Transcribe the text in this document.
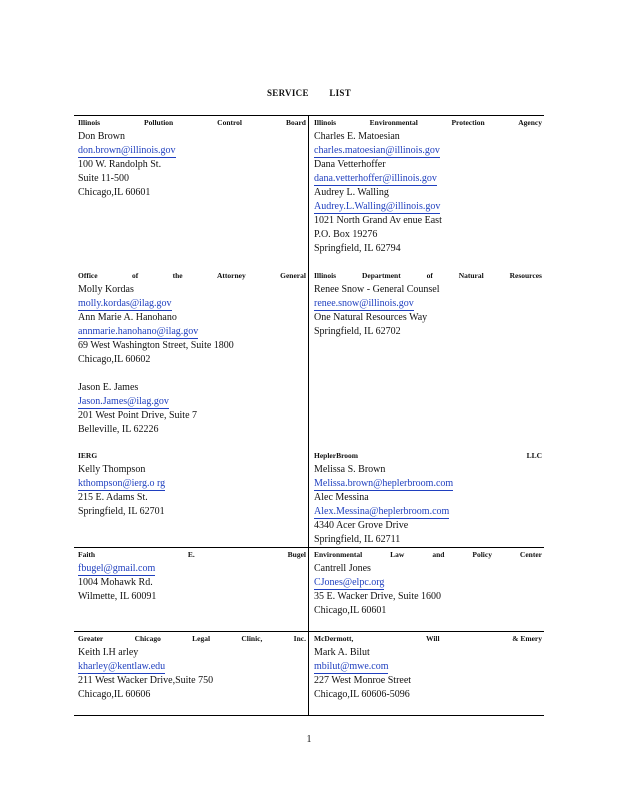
SERVICE LIST
Illinois	Pollution	Control	Board
Don Brown
don.brown@illinois.gov
100 W. Randolph St.
Suite 11-500
Chicago,IL 60601
Illinois	Environmental	Protection	Agency
Charles E. Matoesian
charles.matoesian@illinois.gov
Dana Vetterhoffer
dana.vetterhoffer@illinois.gov
Audrey L. Walling
Audrey.L.Walling@illinois.gov
1021 North Grand Av enue East
P.O. Box 19276
Springfield, IL 62794
Office	of	the	Attorney	General
Molly Kordas
molly.kordas@ilag.gov
Ann Marie A. Hanohano
annmarie.hanohano@ilag.gov
69 West Washington Street, Suite 1800
Chicago,IL 60602
Jason E. James
Jason.James@ilag.gov
201 West Point Drive, Suite 7
Belleville, IL 62226
Illinois	Department	of	Natural	Resources
Renee Snow - General Counsel
renee.snow@illinois.gov
One Natural Resources Way
Springfield, IL 62702
IERG
Kelly Thompson
kthompson@ierg.o rg
215 E. Adams St.
Springfield, IL 62701
HeplerBroom	LLC
Melissa S. Brown
Melissa.brown@heplerbroom.com
Alec Messina
Alex.Messina@heplerbroom.com
4340 Acer Grove Drive
Springfield, IL 62711
Faith	E.	Bugel
fbugel@gmail.com
1004 Mohawk Rd.
Wilmette, IL 60091
Environmental	Law	and	Policy	Center
Cantrell Jones
CJones@elpc.org
35 E. Wacker Drive, Suite 1600
Chicago,IL 60601
Greater	Chicago	Legal	Clinic,	Inc.
Keith I.H arley
kharley@kentlaw.edu
211 West Wacker Drive,Suite 750
Chicago,IL 60606
McDermott,	Will	& Emery
Mark A. Bilut
mbilut@mwe.com
227 West Monroe Street
Chicago,IL 60606-5096
1
